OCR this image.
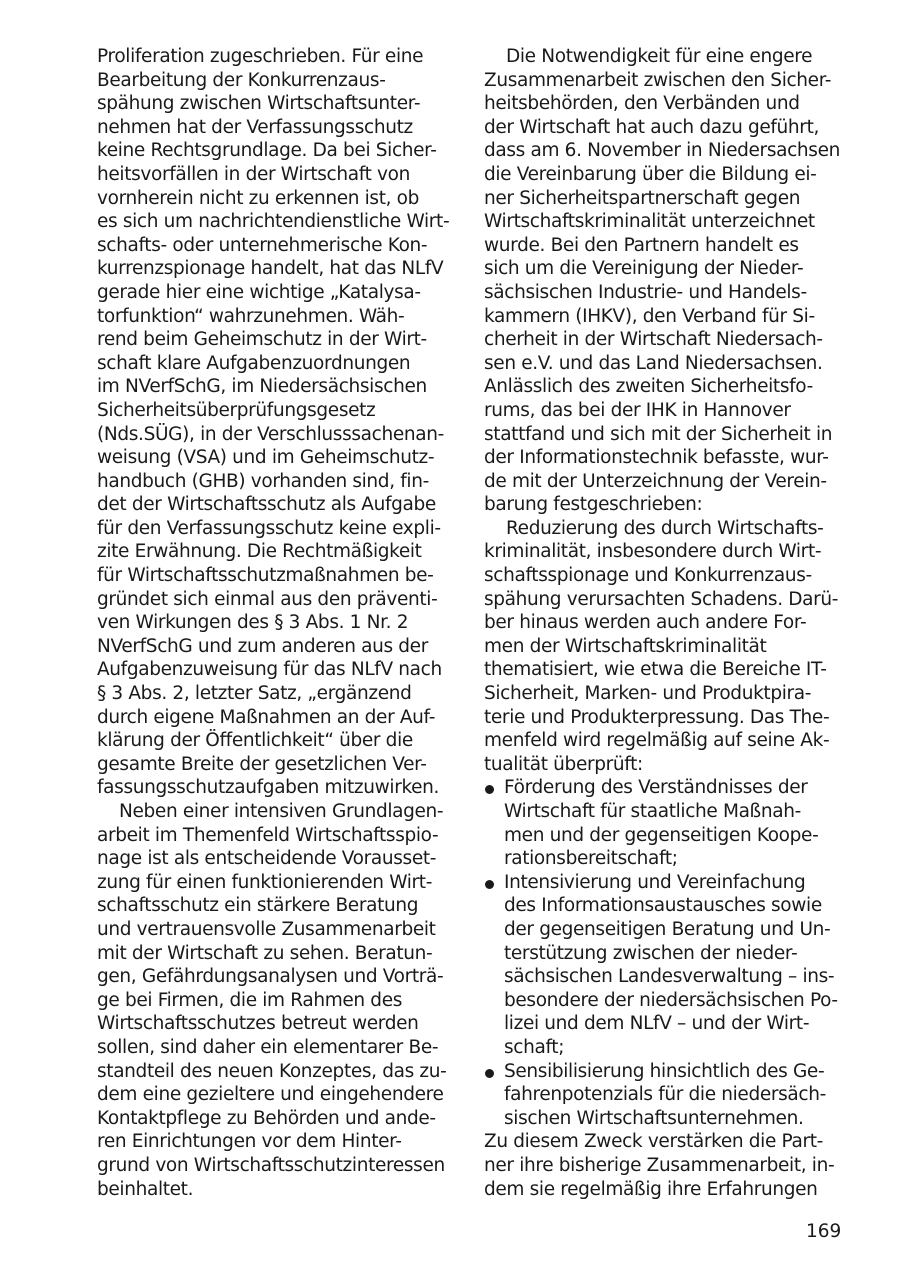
Proliferation zugeschrieben. Für eine
Bearbeitung der Konkurrenzaus-
spähung zwischen Wirtschaftsunter-
nehmen hat der Verfassungsschutz
keine Rechtsgrundlage. Da bei Sicher-
heitsvorfällen in der Wirtschaft von
vornherein nicht zu erkennen ist, ob
es sich um nachrichtendienstliche Wirt-
schafts- oder unternehmerische Kon-
kurrenzspionage handelt, hat das NLfV
gerade hier eine wichtige „Katalysa-
torfunktion“ wahrzunehmen. Wäh-
rend beim Geheimschutz in der Wirt-
schaft klare Aufgabenzuordnungen
im NVerfSchG, im Niedersächsischen
Sicherheitsüberprüfungsgesetz
(Nds.SÜG), in der Verschlusssachenan-
weisung (VSA) und im Geheimschutz-
handbuch (GHB) vorhanden sind, fin-
det der Wirtschaftsschutz als Aufgabe
für den Verfassungsschutz keine expli-
zite Erwähnung. Die Rechtmäßigkeit
für Wirtschaftsschutzmaßnahmen be-
gründet sich einmal aus den präventi-
ven Wirkungen des § 3 Abs. 1 Nr. 2
NVerfSchG und zum anderen aus der
Aufgabenzuweisung für das NLfV nach
§ 3 Abs. 2, letzter Satz, „ergänzend
durch eigene Maßnahmen an der Auf-
klärung der Öffentlichkeit“ über die
gesamte Breite der gesetzlichen Ver-
fassungsschutzaufgaben mitzuwirken.
Neben einer intensiven Grundlagen-
arbeit im Themenfeld Wirtschaftsspio-
nage ist als entscheidende Vorausset-
zung für einen funktionierenden Wirt-
schaftsschutz ein stärkere Beratung
und vertrauensvolle Zusammenarbeit
mit der Wirtschaft zu sehen. Beratun-
gen, Gefährdungsanalysen und Vorträ-
ge bei Firmen, die im Rahmen des
Wirtschaftsschutzes betreut werden
sollen, sind daher ein elementarer Be-
standteil des neuen Konzeptes, das zu-
dem eine gezieltere und eingehendere
Kontaktpflege zu Behörden und ande-
ren Einrichtungen vor dem Hinter-
grund von Wirtschaftsschutzinteressen
beinhaltet.
Die Notwendigkeit für eine engere
Zusammenarbeit zwischen den Sicher-
heitsbehörden, den Verbänden und
der Wirtschaft hat auch dazu geführt,
dass am 6. November in Niedersachsen
die Vereinbarung über die Bildung ei-
ner Sicherheitspartnerschaft gegen
Wirtschaftskriminalität unterzeichnet
wurde. Bei den Partnern handelt es
sich um die Vereinigung der Nieder-
sächsischen Industrie- und Handels-
kammern (IHKV), den Verband für Si-
cherheit in der Wirtschaft Niedersach-
sen e.V. und das Land Niedersachsen.
Anlässlich des zweiten Sicherheitsfo-
rums, das bei der IHK in Hannover
stattfand und sich mit der Sicherheit in
der Informationstechnik befasste, wur-
de mit der Unterzeichnung der Verein-
barung festgeschrieben:
Reduzierung des durch Wirtschafts-
kriminalität, insbesondere durch Wirt-
schaftsspionage und Konkurrenzaus-
spähung verursachten Schadens. Darü-
ber hinaus werden auch andere For-
men der Wirtschaftskriminalität
thematisiert, wie etwa die Bereiche IT-
Sicherheit, Marken- und Produktpira-
terie und Produkterpressung. Das The-
menfeld wird regelmäßig auf seine Ak-
tualität überprüft:
Förderung des Verständnisses der
Wirtschaft für staatliche Maßnah-
men und der gegenseitigen Koope-
rationsbereitschaft;
Intensivierung und Vereinfachung
des Informationsaustausches sowie
der gegenseitigen Beratung und Un-
terstützung zwischen der nieder-
sächsischen Landesverwaltung – ins-
besondere der niedersächsischen Po-
lizei und dem NLfV – und der Wirt-
schaft;
Sensibilisierung hinsichtlich des Ge-
fahrenpotenzials für die niedersäch-
sischen Wirtschaftsunternehmen.
Zu diesem Zweck verstärken die Part-
ner ihre bisherige Zusammenarbeit, in-
dem sie regelmäßig ihre Erfahrungen
169
